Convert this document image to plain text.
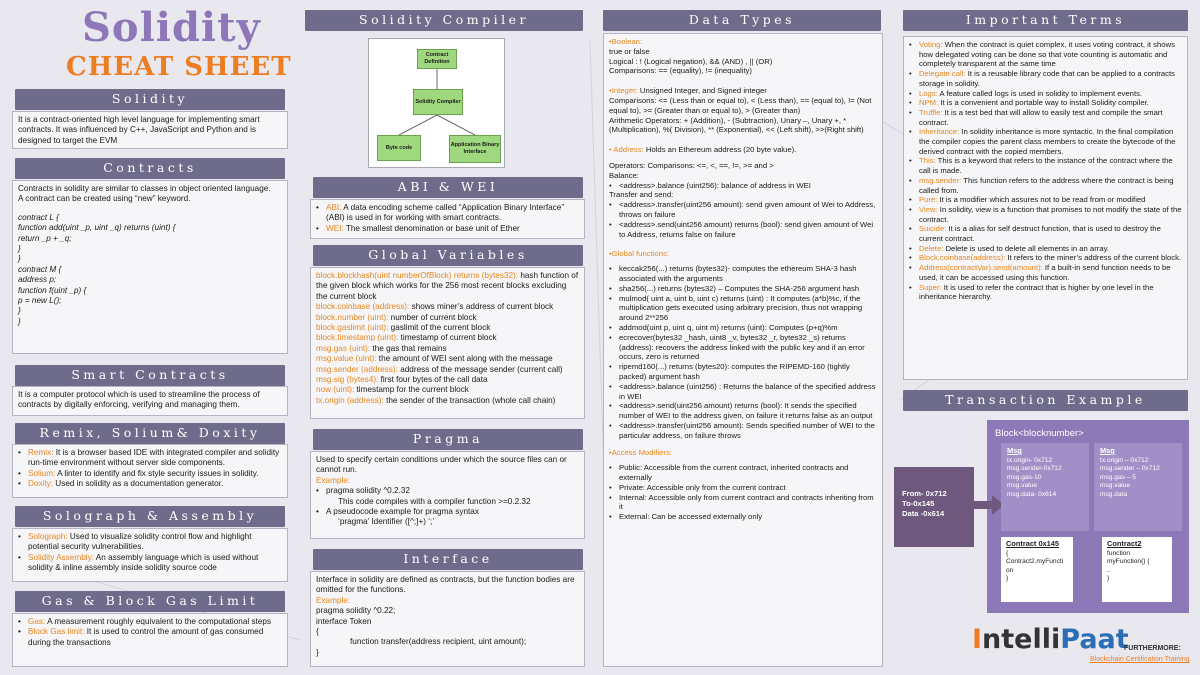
Solidity
CHEAT SHEET
Solidity
It is a contract-oriented high level language for implementing smart contracts. It was influenced by C++, JavaScript and Python and is designed to target the EVM
Contracts
Contracts in solidity are similar to classes in object oriented language.
A contract can be created using “new” keyword.
contract L {
function add(uint _p, uint _q) returns (uint) {
return _p + _q;
}
}
contract M {
address p;
function f(uint _p) {
p = new L();
}
}
Smart Contracts
It is a computer protocol which is used to streamline the process of contracts by digitally enforcing, verifying and managing them.
Remix, Solium& Doxity
• Remix: It is a browser based IDE with integrated compiler and solidity run-time environment without server side components.
• Solium: A linter to identify and fix style security issues in solidity.
• Doxity: Used in solidity as a documentation generator.
Solograph & Assembly
• Solograph: Used to visualize solidity control flow and highlight potential security vulnerabilities.
• Solidity Assembly: An assembly language which is used without solidity & inline assembly inside solidity source code
Gas & Block Gas Limit
• Gas: A measurement roughly equivalent to the computational steps
• Block Gas limit: It is used to control the amount of gas consumed during the transactions
Solidity Compiler
Contract Definition
Solidity Compiler
Byte code	Application Binary Interface
ABI & WEI
• ABI: A data encoding scheme called “Application Binary Interface” (ABI) is used in for working with smart contracts.
• WEI: The smallest denomination or base unit of Ether
Global Variables
block.blockhash(uint numberOfBlock) returns (bytes32): hash function of the given block which works for the 256 most recent blocks excluding the current block
block.coinbase (address): shows miner’s address of current block
block.number (uint): number of current block
block.gaslimit (uint): gaslimit of the current block
block.timestamp (uint): timestamp of current block
msg.gas (uint): the gas that remains
msg.value (uint): the amount of WEI sent along with the message
msg.sender (address): address of the message sender (current call)
msg.sig (bytes4): first four bytes of the call data
now (uint): timestamp for the current block
tx.origin (address): the sender of the transaction (whole call chain)
Pragma
Used to specify certain conditions under which the source files can or cannot run.
Example:
• pragma solidity ^0.2.32
This code compiles with a compiler function >=0.2.32
• A pseudocode example for pragma syntax
‘pragma’ Identifier ([^;]+) ‘;’
Interface
Interface in solidity are defined as contracts, but the function bodies are omitted for the functions.
Example:
pragma solidity ^0.22;
interface Token
{
function transfer(address recipient, uint amount);
}
Data Types
•Boolean:
true or false
Logical : ! (Logical negation), && (AND) , || (OR)
Comparisons: == (equality), != (inequality)
•Integer: Unsigned Integer, and Signed integer
Comparisons: <= (Less than or equal to), < (Less than), == (equal to), != (Not equal to), >= (Greater than or equal to), > (Greater than)
Arithmetic Operators: + (Addition), - (Subtraction), Unary –, Unary +, *(Multiplication), %( Division), ** (Exponential), << (Left shift), >>(Right shift)
• Address: Holds an Ethereum address (20 byte value).
Operators: Comparisons: <=, <, ==, !=, >= and >
Balance:
• <address>.balance (uint256): balance of address in WEI
Transfer and send:
• <address>.transfer(uint256 amount): send given amount of Wei to Address, throws on failure
• <address>.send(uint256 amount) returns (bool): send given amount of Wei to Address, returns false on failure
•Global functions:
• keccak256(...) returns (bytes32)- computes the ethereum SHA-3 hash associated with the arguments
• sha256(...) returns (bytes32) – Computes the SHA-256 argument hash
• mulmod( uint a, uint b, uint c) returns (uint) : It computes (a*b)%c, if the multiplication gets executed using arbitrary precision, thus not wrapping around 2**256
• addmod(uint p, uint q, uint m) returns (uint): Computes (p+q)%m
• ecrecover(bytes32 _hash, uint8 _v, bytes32 _r, bytes32 _s) returns (address): recovers the address linked with the public key and if an error occurs, zero is returned
• ripemd160(...) returns (bytes20): computes the RIPEMD-160 (tightly packed) argument hash
• <address>.balance (uint256) : Returns the balance of the specified address in WEI
• <address>.send(uint256 amount) returns (bool): It sends the specified number of WEI to the address given, on failure it returns false as an output
• <address>.transfer(uint256 amount): Sends specified number of WEI to the particular address, on failure throws
•Access Modifiers:
• Public: Accessible from the current contract, inherited contracts and externally
• Private: Accessible only from the current contract
• Internal: Accessible only from current contract and contracts inheriting from it
• External: Can be accessed externally only
Important Terms
• Voting: When the contract is quiet complex, it uses voting contract, it shows how delegated voting can be done so that vote counting is automatic and completely transparent at the same time
• Delegate call: It is a reusable library code that can be applied to a contracts storage in solidity.
• Logs: A feature called logs is used in solidity to implement events.
• NPM: It is a convenient and portable way to install Solidity compiler.
• Truffle: It is a test bed that will allow to easily test and compile the smart contract.
• Inheritance: In solidity inheritance is more syntactic. In the final compilation the compiler copies the parent class members to create the bytecode of the derived contract with the copied members.
• This: This is a keyword that refers to the instance of the contract where the call is made.
• msg.sender: This function refers to the address where the contract is being called from.
• Pure: It is a modifier which assures not to be read from or modified
• View: In solidity, view is a function that promises to not modify the state of the contract.
• Suicide: It is a alias for self destruct function, that is used to destroy the current contract.
• Delete: Delete is used to delete all elements in an array.
• Block.coinbase(address): It refers to the miner’s address of the current block.
• Address(contractVar).send(amount): If a built-in send function needs to be used, it can be accessed using this function.
• Super: It is used to refer the contract that is higher by one level in the inheritance hierarchy.
Transaction Example
Block<blocknumber>
From- 0x712
To-0x145
Data -0x614
Msg
tx.origin- 0x712
msg.sender-0x712
msg.gas-10
msg.value
msg.data- 0x614
Msg
tx.origin – 0x712
msg.sender – 0x712
msg.gas – 5
msg.value
msg.data
Contract 0x145
{
Contract2.myFuncti
on
}
Contract2
function
myFunction() {
..
}
IntelliPaat
FURTHERMORE:
Blockchain Certification Training
